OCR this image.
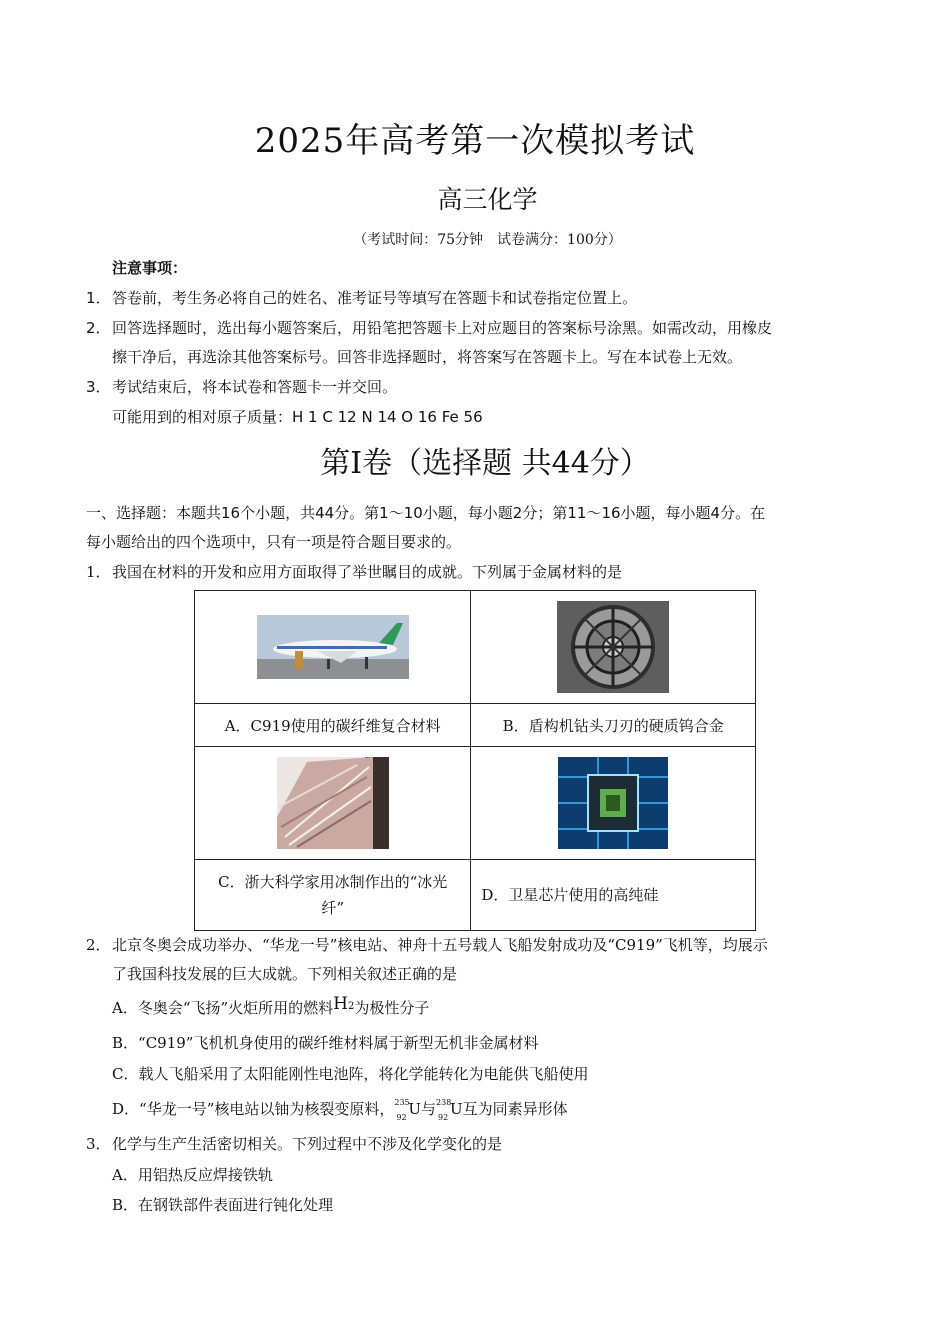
2025年高考第一次模拟考试
高三化学
（考试时间：75分钟　试卷满分：100分）
注意事项：
1．答卷前，考生务必将自己的姓名、准考证号等填写在答题卡和试卷指定位置上。
2．回答选择题时，选出每小题答案后，用铅笔把答题卡上对应题目的答案标号涂黑。如需改动，用橡皮
擦干净后，再选涂其他答案标号。回答非选择题时，将答案写在答题卡上。写在本试卷上无效。
3．考试结束后，将本试卷和答题卡一并交回。
可能用到的相对原子质量：H 1 C 12 N 14 O 16 Fe 56
第Ⅰ卷（选择题 共44分）
一、选择题：本题共16个小题，共44分。第1～10小题，每小题2分；第11～16小题，每小题4分。在
每小题给出的四个选项中，只有一项是符合题目要求的。
1．我国在材料的开发和应用方面取得了举世瞩目的成就。下列属于金属材料的是

A．C919使用的碳纤维复合材料	B．盾构机钻头刀刃的硬质钨合金

C．浙大科学家用冰制作出的“冰光
纤”	D．卫星芯片使用的高纯硅
2．北京冬奥会成功举办、“华龙一号”核电站、神舟十五号载人飞船发射成功及“C919”飞机等，均展示
了我国科技发展的巨大成就。下列相关叙述正确的是
A．冬奥会“飞扬”火炬所用的燃料H2为极性分子
B．“C919”飞机机身使用的碳纤维材料属于新型无机非金属材料
C．载人飞船采用了太阳能刚性电池阵，将化学能转化为电能供飞船使用
D．“华龙一号”核电站以铀为核裂变原料， 235
92 U与 238
92 U互为同素异形体
3．化学与生产生活密切相关。下列过程中不涉及化学变化的是
A．用铝热反应焊接铁轨
B．在钢铁部件表面进行钝化处理
